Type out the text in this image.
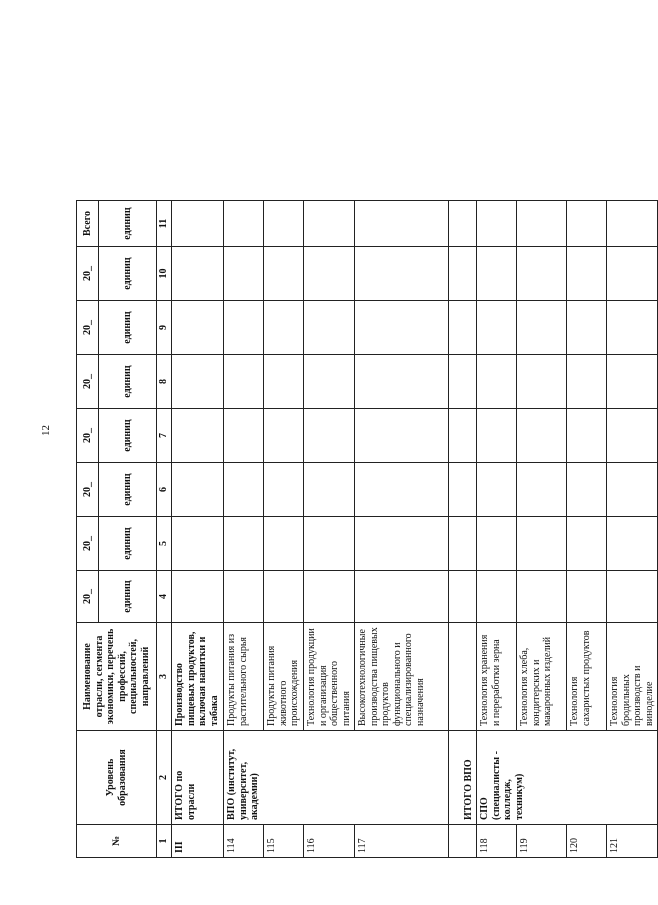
12
№	Уровень образования	Наименование отрасли, сегмента экономики, перечень профессий, специальностей, направлений	20_	20_	20_	20_	20_	20_	20_	Всего	
			единиц	единиц	единиц	единиц	единиц	единиц	единиц	единиц	
1	2	3	4	5	6	7	8	9	10	11	
III	ИТОГО по отрасли	Производство пищевых продуктов, включая напитки и табака									
114	ВПО (институт, университет, академии)	Продукты питания из растительного сырья									
115		Продукты питания животного происхождения									
116		Технология продукции и организация общественного питания									
117		Высокотехнологичные производства пищевых продуктов функционального и специализированного назначения									
	ИТОГО ВПО										
118	СПО (специалисты - колледж, техникум)	Технология хранения и переработки зерна									
119		Технология хлеба, кондитерских и макаронных изделий									
120		Технология сахаристых продуктов									
121		Технология бродильных производств и виноделие									
